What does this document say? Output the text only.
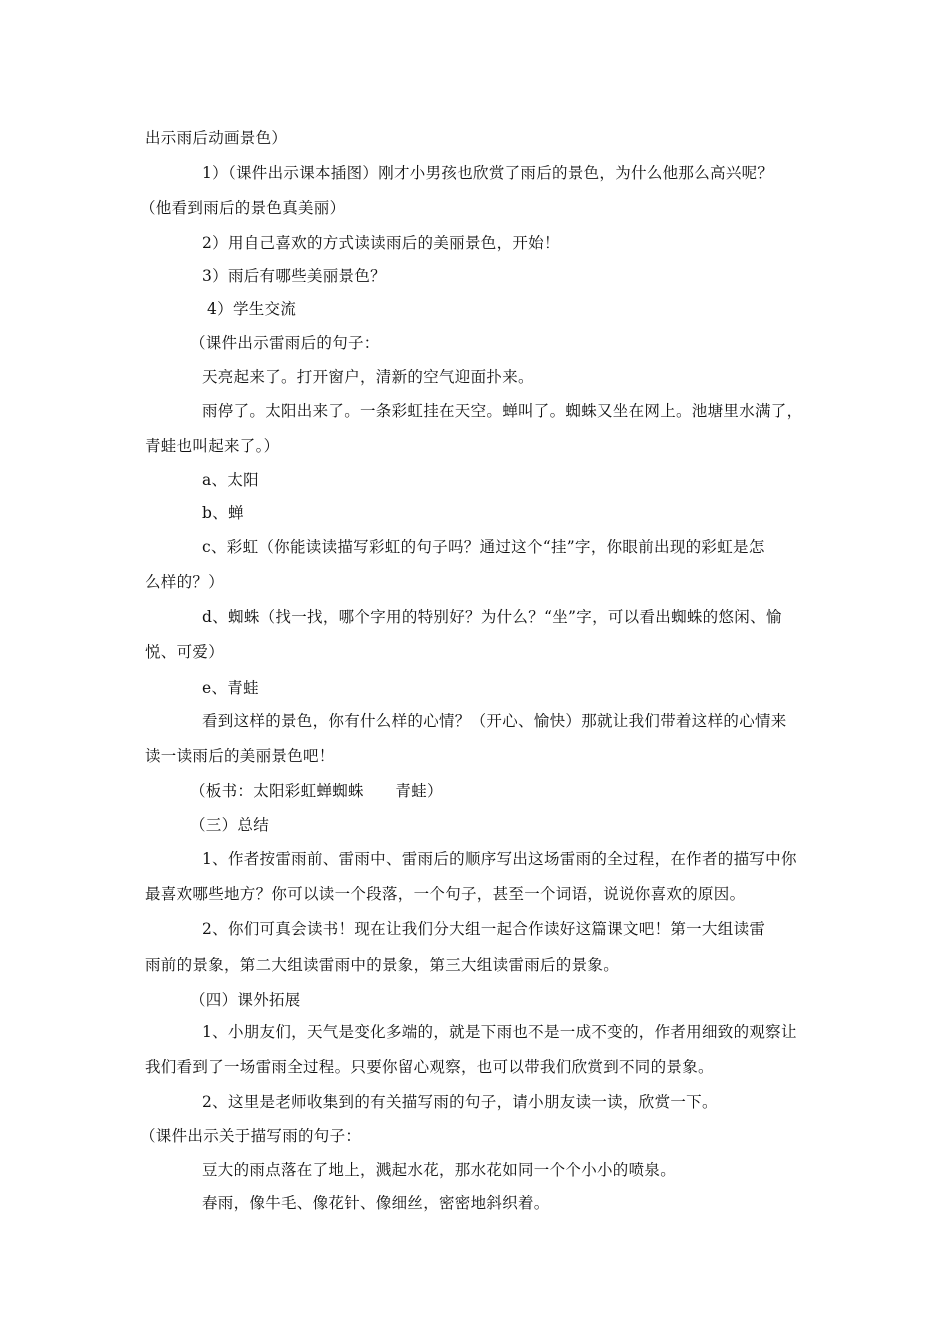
出示雨后动画景色）
1）（课件出示课本插图）刚才小男孩也欣赏了雨后的景色，为什么他那么高兴呢？
（他看到雨后的景色真美丽）
2）用自己喜欢的方式读读雨后的美丽景色，开始！
3）雨后有哪些美丽景色？
4）学生交流
（课件出示雷雨后的句子：
天亮起来了。打开窗户，清新的空气迎面扑来。
雨停了。太阳出来了。一条彩虹挂在天空。蝉叫了。蜘蛛又坐在网上。池塘里水满了，
青蛙也叫起来了。）
a、太阳
b、蝉
c、彩虹（你能读读描写彩虹的句子吗？通过这个“挂”字，你眼前出现的彩虹是怎
么样的？）
d、蜘蛛（找一找，哪个字用的特别好？为什么？“坐”字，可以看出蜘蛛的悠闲、愉
悦、可爱）
e、青蛙
看到这样的景色，你有什么样的心情？（开心、愉快）那就让我们带着这样的心情来
读一读雨后的美丽景色吧！
（板书：太阳彩虹蝉蜘蛛　　青蛙）
（三）总结
1、作者按雷雨前、雷雨中、雷雨后的顺序写出这场雷雨的全过程，在作者的描写中你
最喜欢哪些地方？你可以读一个段落，一个句子，甚至一个词语，说说你喜欢的原因。
2、你们可真会读书！现在让我们分大组一起合作读好这篇课文吧！第一大组读雷
雨前的景象，第二大组读雷雨中的景象，第三大组读雷雨后的景象。
（四）课外拓展
1、小朋友们，天气是变化多端的，就是下雨也不是一成不变的，作者用细致的观察让
我们看到了一场雷雨全过程。只要你留心观察，也可以带我们欣赏到不同的景象。
2、这里是老师收集到的有关描写雨的句子，请小朋友读一读，欣赏一下。
（课件出示关于描写雨的句子：
豆大的雨点落在了地上，溅起水花，那水花如同一个个小小的喷泉。
春雨，像牛毛、像花针、像细丝，密密地斜织着。
